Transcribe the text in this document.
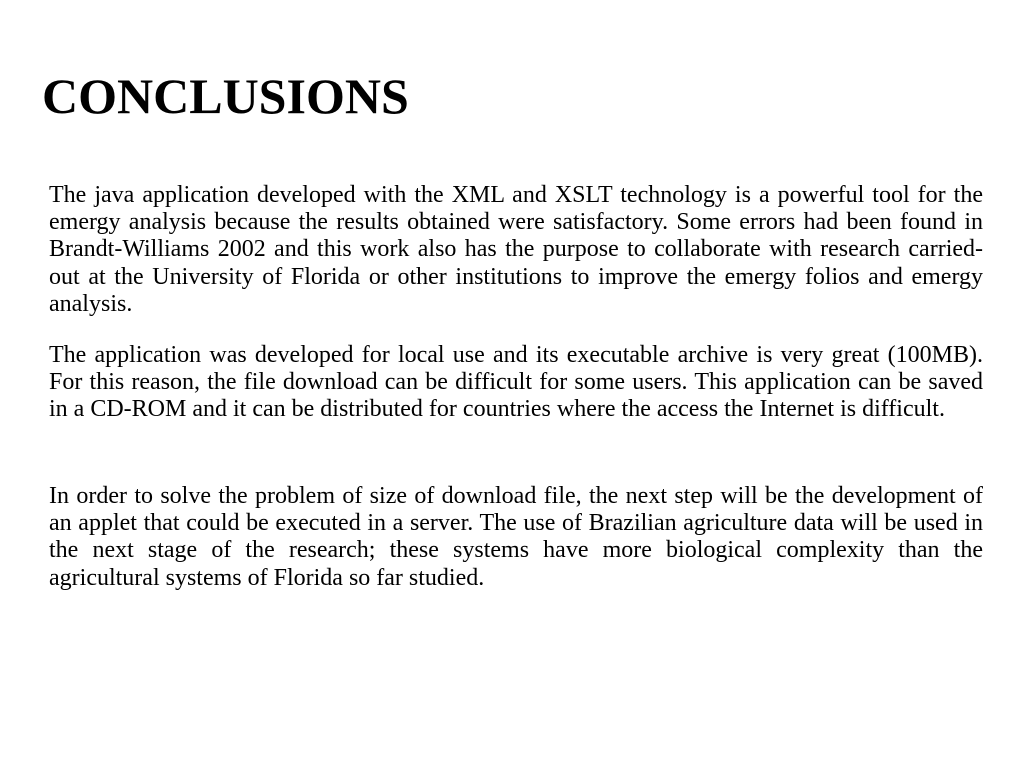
CONCLUSIONS

The java application developed with the XML and XSLT technology is a powerful tool for the emergy analysis because the results obtained were satisfactory. Some errors had been found in Brandt-Williams 2002 and this work also has the purpose to collaborate with research carried-out at the University of Florida or other institutions to improve the emergy folios and emergy analysis.

The application was developed for local use and its executable archive is very great (100MB). For this reason, the file download can be difficult for some users. This application can be saved in a CD-ROM and it can be distributed for countries where the access the Internet is difficult.

In order to solve the problem of size of download file, the next step will be the development of an applet that could be executed in a server. The use of Brazilian agriculture data will be used in the next stage of the research; these systems have more biological complexity than the agricultural systems of Florida so far studied.
